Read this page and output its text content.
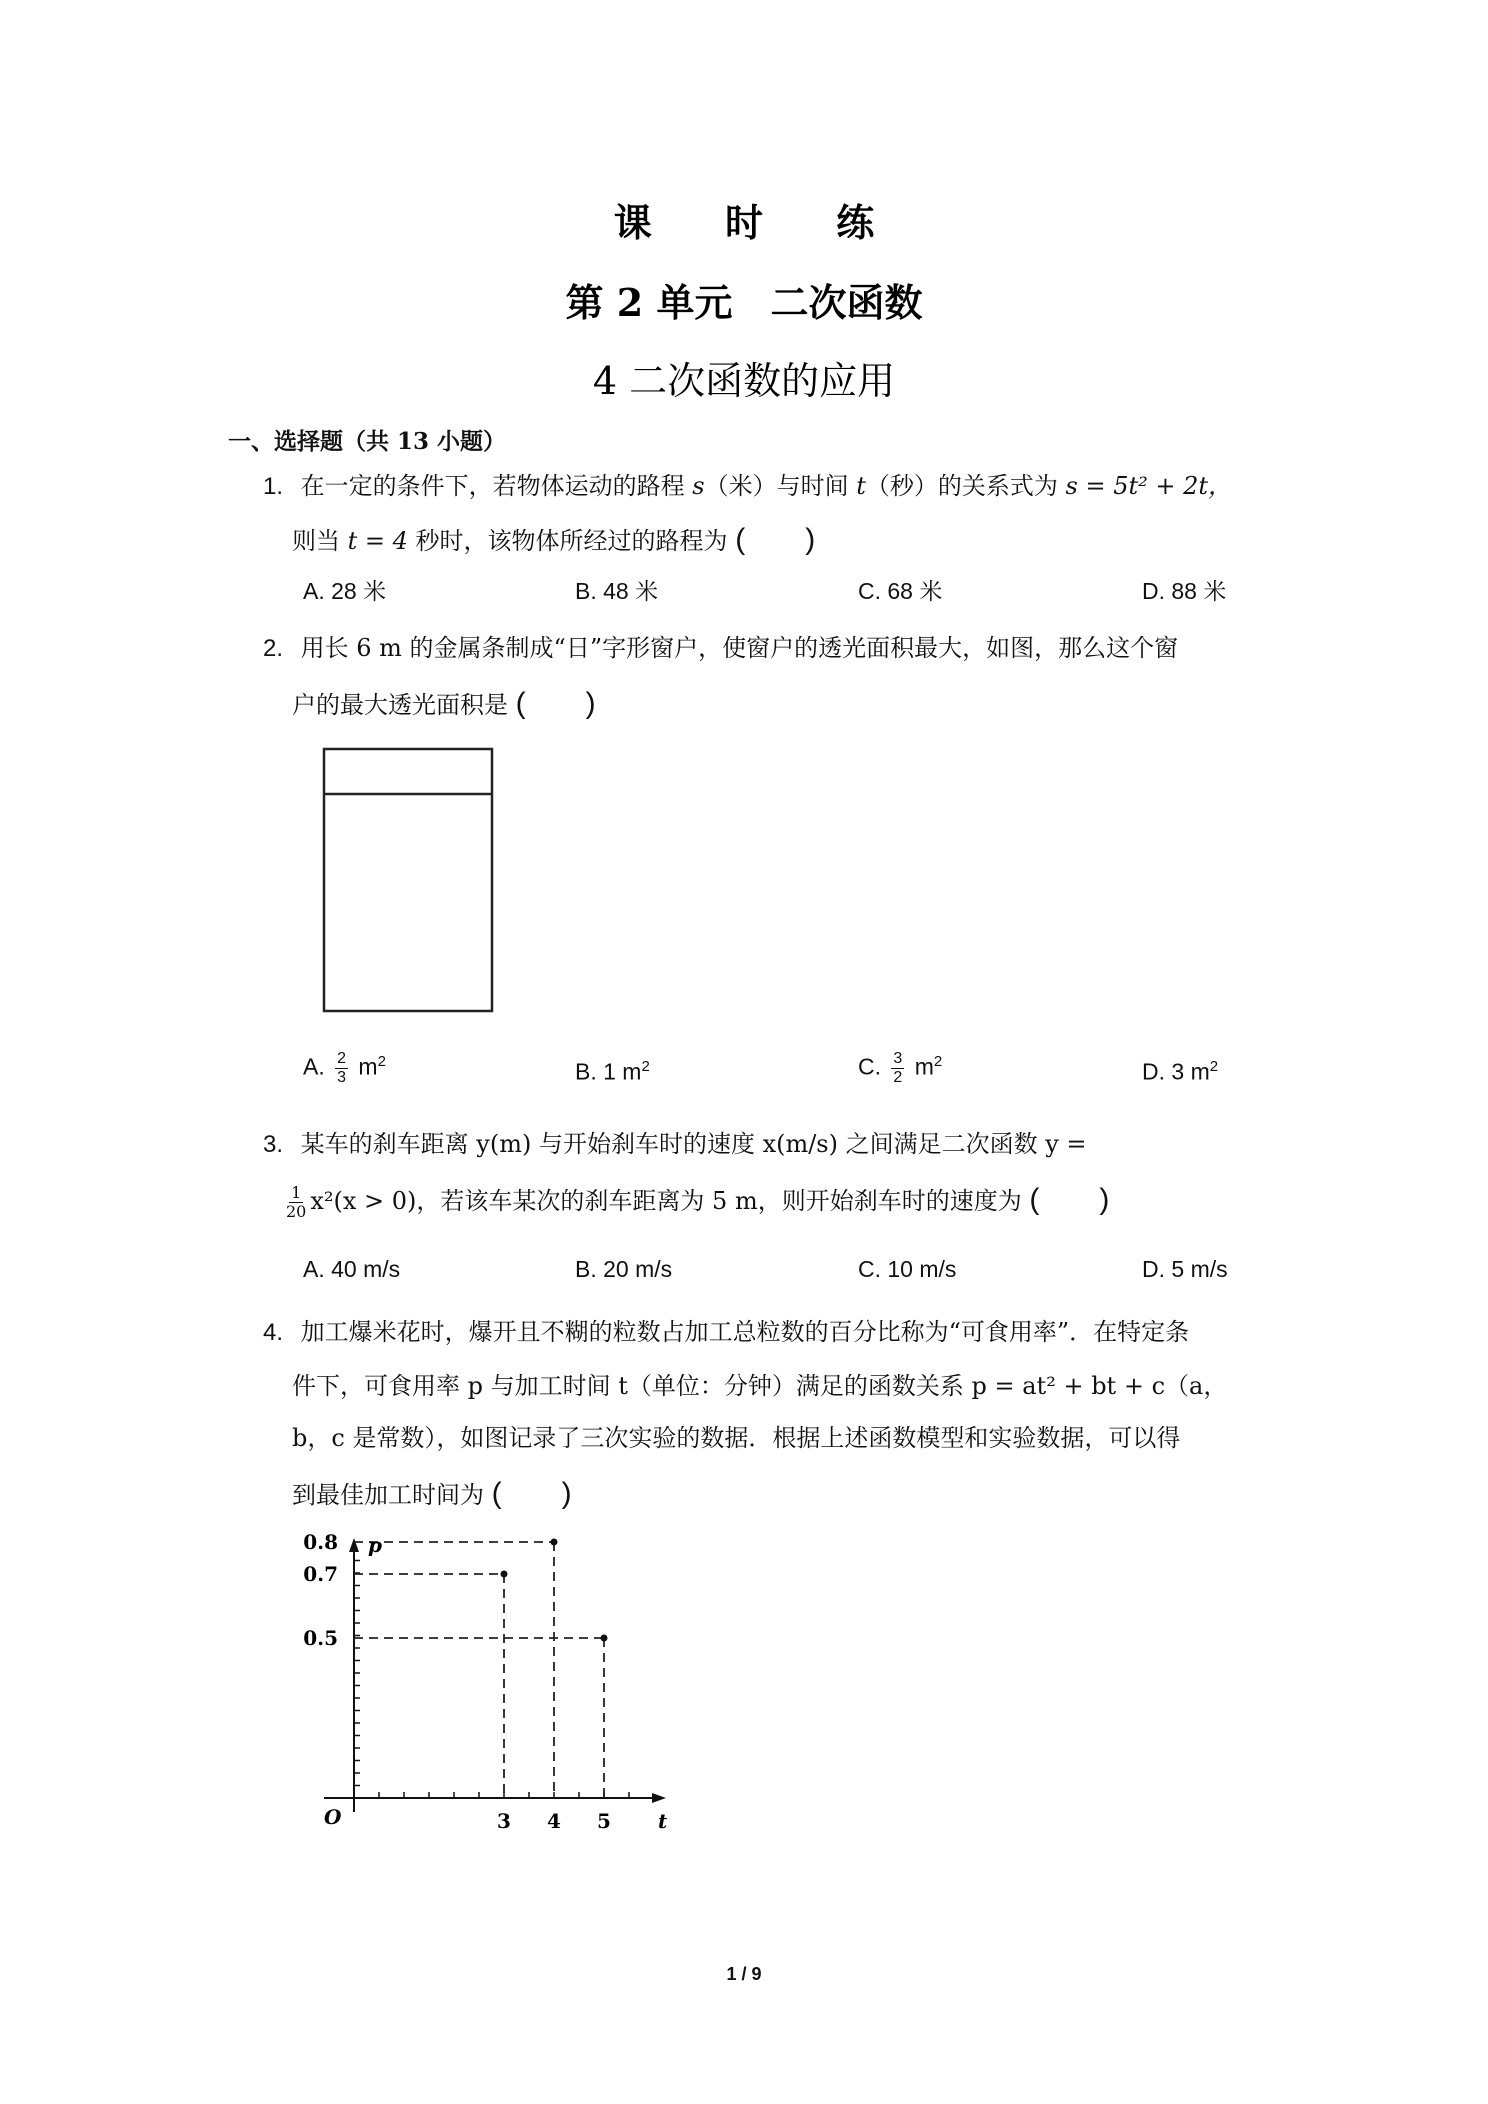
课 时 练
第 2 单元　二次函数
4 二次函数的应用
一、选择题（共 13 小题）
1. 在一定的条件下，若物体运动的路程 s（米）与时间 t（秒）的关系式为 s = 5t² + 2t，
则当 t = 4 秒时，该物体所经过的路程为 (　　)
A. 28 米	B. 48 米	C. 68 米	D. 88 米
2. 用长 6 m 的金属条制成“日”字形窗户，使窗户的透光面积最大，如图，那么这个窗
户的最大透光面积是 (　　)
A. $\frac{2}{3} m^2$	B. 1 $m^2$	C. $\frac{3}{2} m^2$	D. 3 $m^2$
3. 某车的刹车距离 y(m) 与开始刹车时的速度 x(m/s) 之间满足二次函数 y =
$\frac{1}{20} x^2(x > 0)$，若该车某次的刹车距离为 5 m，则开始刹车时的速度为 (　　)
A. 40 m/s	B. 20 m/s	C. 10 m/s	D. 5 m/s
4. 加工爆米花时，爆开且不糊的粒数占加工总粒数的百分比称为“可食用率”．在特定条
件下，可食用率 p 与加工时间 t（单位：分钟）满足的函数关系 p = at² + bt + c（a，
b，c 是常数），如图记录了三次实验的数据．根据上述函数模型和实验数据，可以得
到最佳加工时间为 (　　)
t
p
O	3 4 5
0.8
0.7
0.5
1 / 9
